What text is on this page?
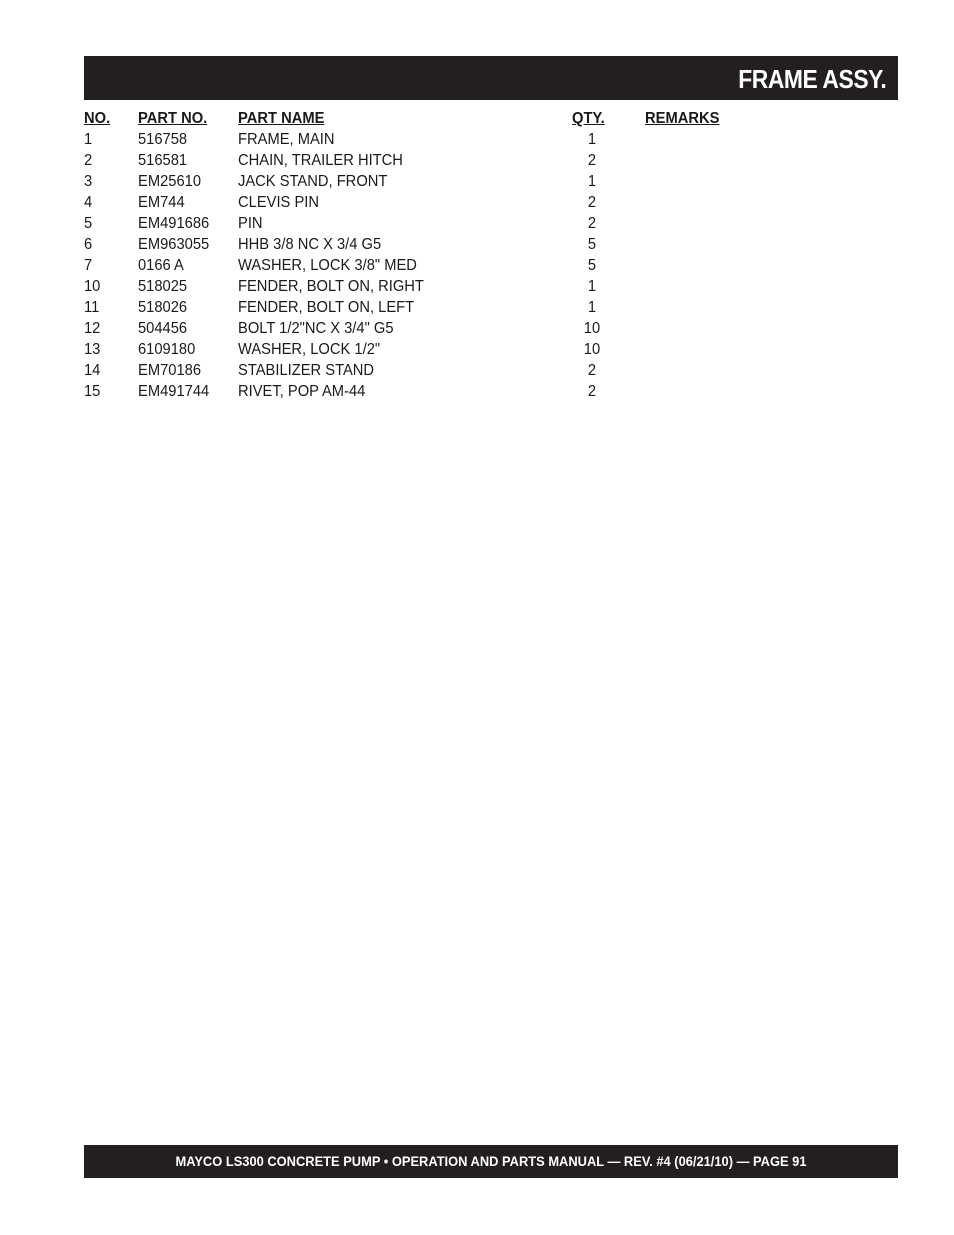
FRAME ASSY.
NO. PART NO. PART NAME	QTY.	REMARKS
1	516758	FRAME, MAIN	1
2	516581	CHAIN, TRAILER HITCH	2
3	EM25610 JACK STAND, FRONT	1
4	EM744	CLEVIS PIN	2
5	EM491686 PIN	2
6	EM963055 HHB 3/8 NC X 3/4 G5	5
7	0166 A	WASHER, LOCK 3/8" MED	5
10 518025	FENDER, BOLT ON, RIGHT	1
11 518026	FENDER, BOLT ON, LEFT	1
12 504456	BOLT 1/2"NC X 3/4" G5	10
13 6109180	WASHER, LOCK 1/2"	10
14 EM70186 STABILIZER STAND	2
15 EM491744 RIVET, POP AM-44	2
MAYCO LS300 CONCRETE PUMP • OPERATION AND PARTS MANUAL — REV. #4 (06/21/10) — PAGE 91
